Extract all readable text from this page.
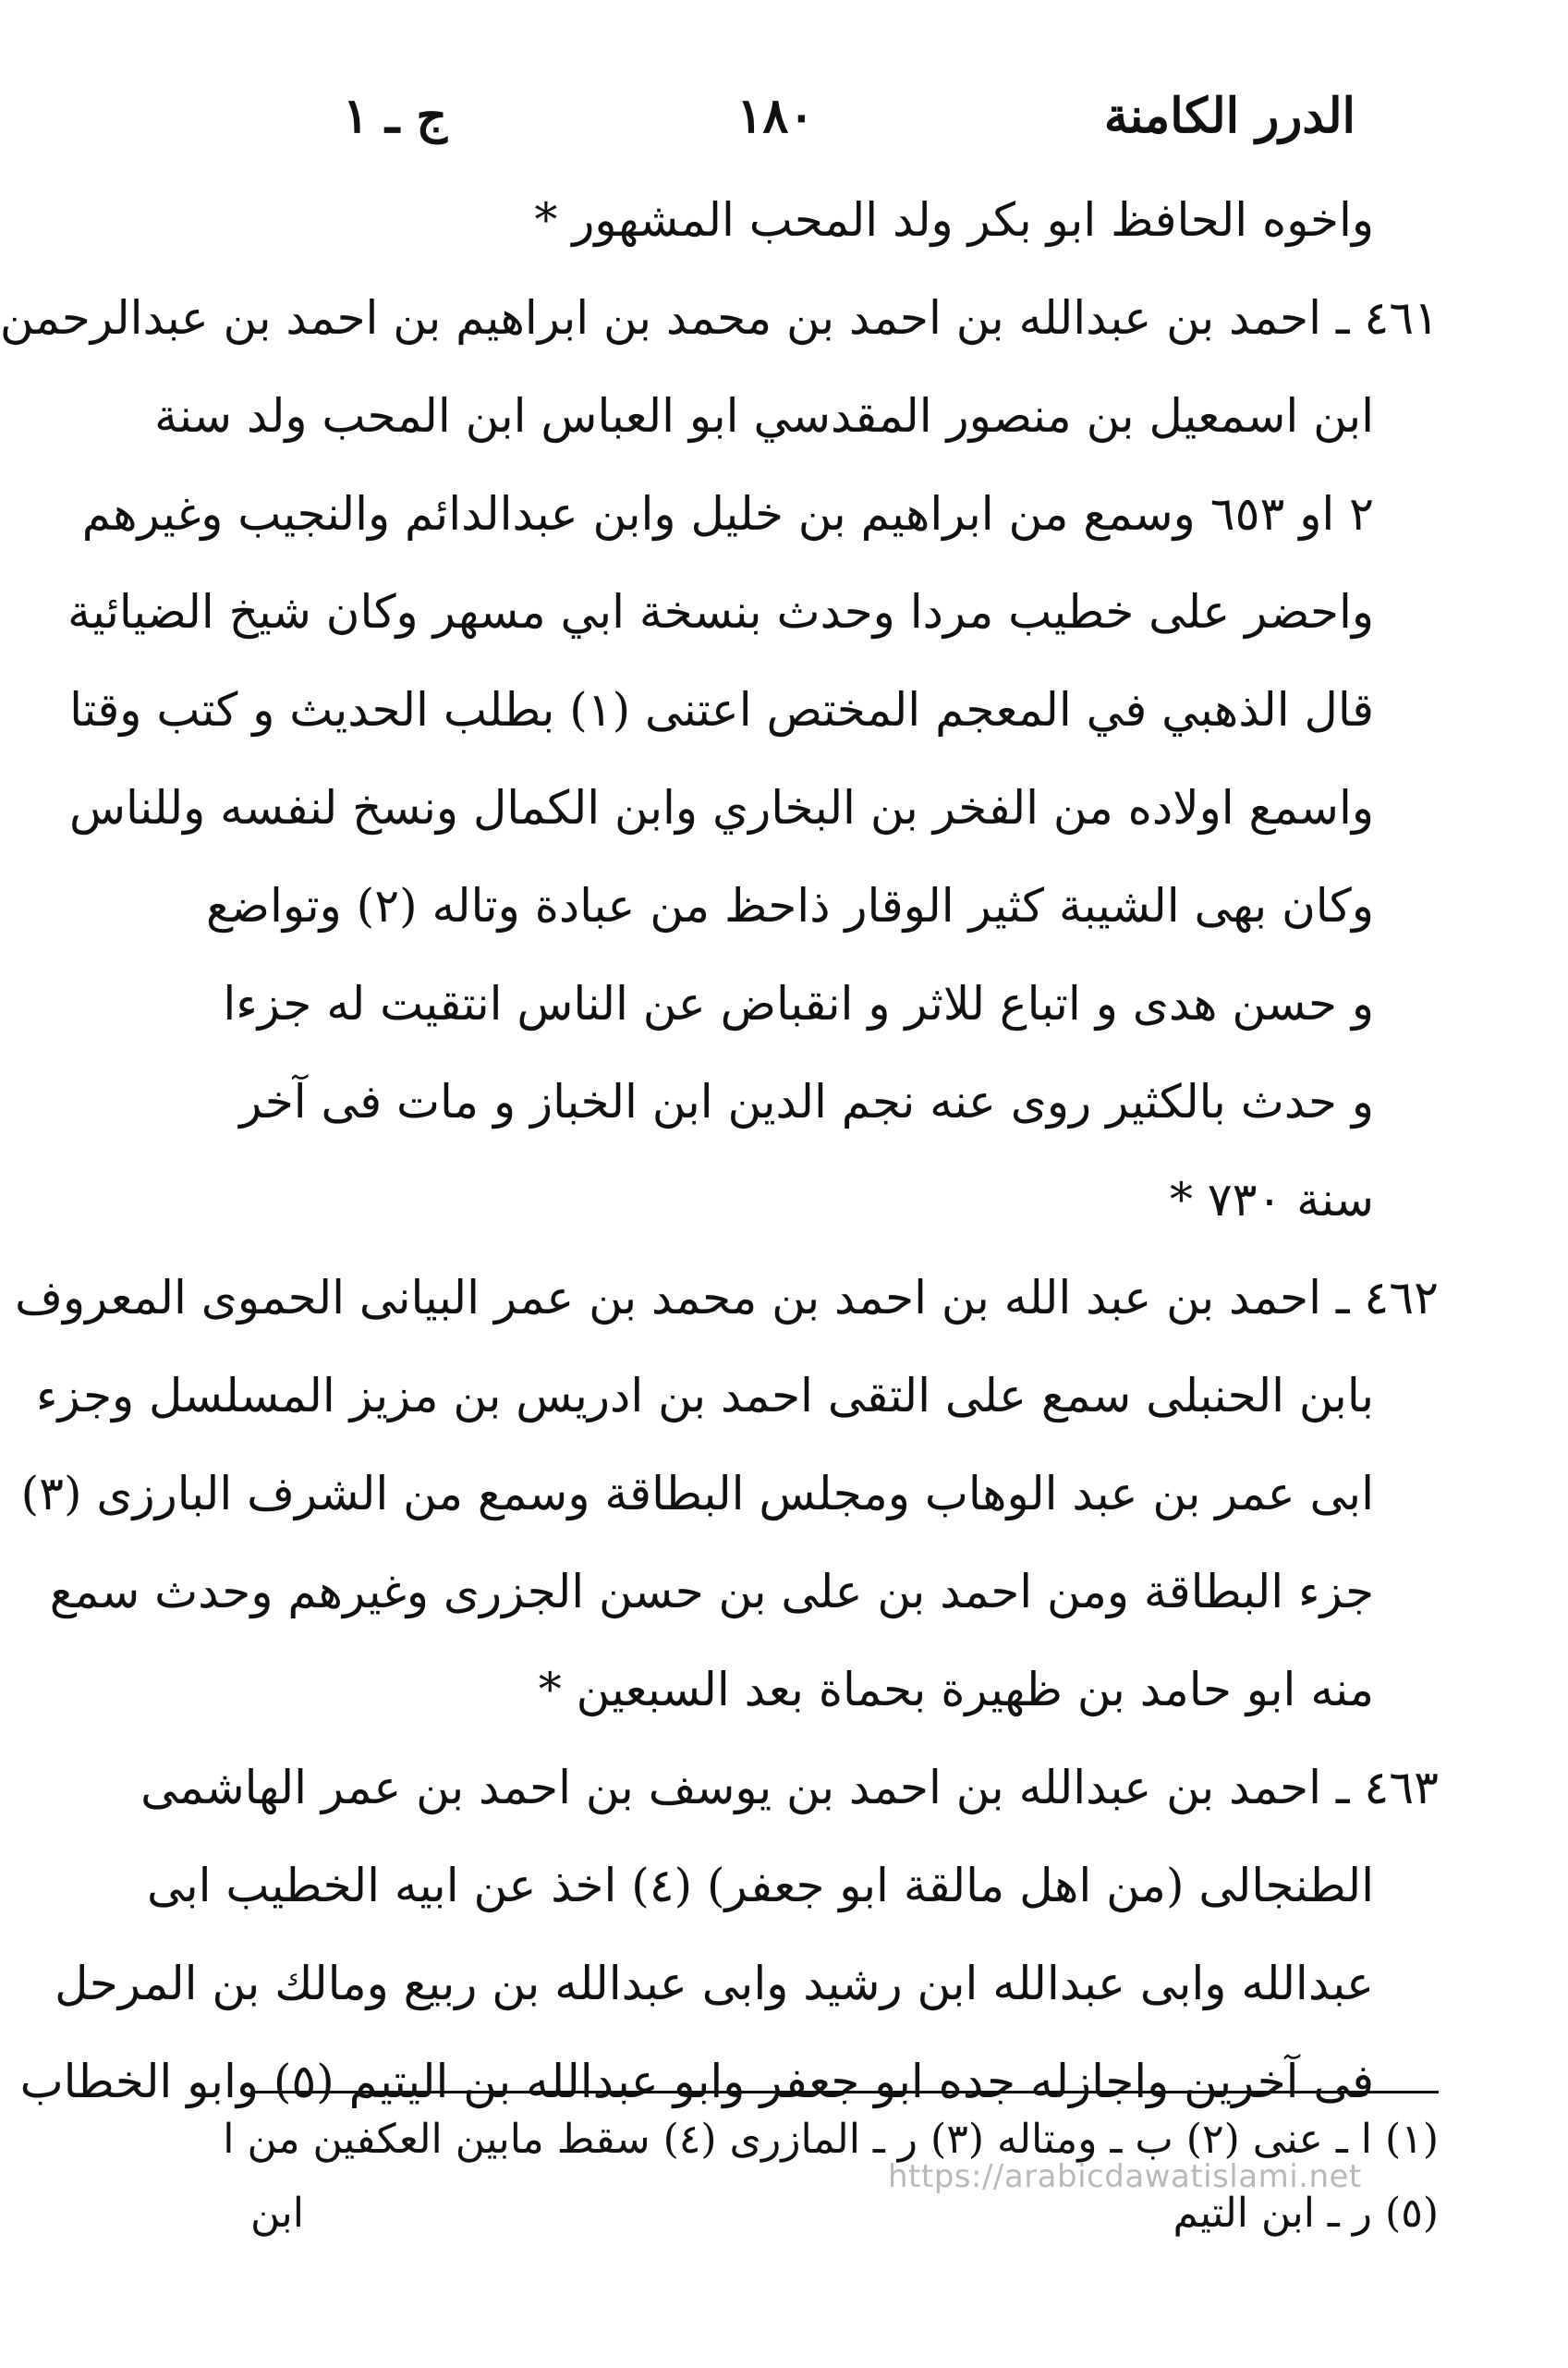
الدرر الكامنة
١٨٠
ج ـ ١
واخوه الحافظ ابو بكر ولد المحب المشهور *
٤٦١ ـ احمد بن عبدالله بن احمد بن محمد بن ابراهيم بن احمد بن عبدالرحمن
ابن اسمعيل بن منصور المقدسي ابو العباس ابن المحب ولد سنة
٢ او ٦٥٣ وسمع من ابراهيم بن خليل وابن عبدالدائم والنجيب وغيرهم
واحضر على خطيب مردا وحدث بنسخة ابي مسهر وكان شيخ الضيائية
قال الذهبي في المعجم المختص اعتنى (١) بطلب الحديث و كتب وقتا
واسمع اولاده من الفخر بن البخاري وابن الكمال ونسخ لنفسه وللناس
وكان بهى الشيبة كثير الوقار ذاحظ من عبادة وتاله (٢) وتواضع
و حسن هدى و اتباع للاثر و انقباض عن الناس انتقيت له جزءا
و حدث بالكثير روى عنه نجم الدين ابن الخباز و مات فى آخر
سنة ٧٣٠ *
٤٦٢ ـ احمد بن عبد الله بن احمد بن محمد بن عمر البيانى الحموى المعروف
بابن الحنبلى سمع على التقى احمد بن ادريس بن مزيز المسلسل وجزء
ابى عمر بن عبد الوهاب ومجلس البطاقة وسمع من الشرف البارزى (٣)
جزء البطاقة ومن احمد بن على بن حسن الجزرى وغيرهم وحدث سمع
منه ابو حامد بن ظهيرة بحماة بعد السبعين *
٤٦٣ ـ احمد بن عبدالله بن احمد بن يوسف بن احمد بن عمر الهاشمى
الطنجالى (من اهل مالقة ابو جعفر) (٤) اخذ عن ابيه الخطيب ابى
عبدالله وابى عبدالله ابن رشيد وابى عبدالله بن ربيع ومالك بن المرحل
فى آخرين واجازله جده ابو جعفر وابو عبدالله بن اليتيم (٥) وابو الخطاب
(١) ا ـ عنى (٢) ب ـ ومتاله (٣) ر ـ المازرى (٤) سقط مابين العكفين من ا
(٥) ر ـ ابن التيم
ابن
https://arabicdawatislami.net
